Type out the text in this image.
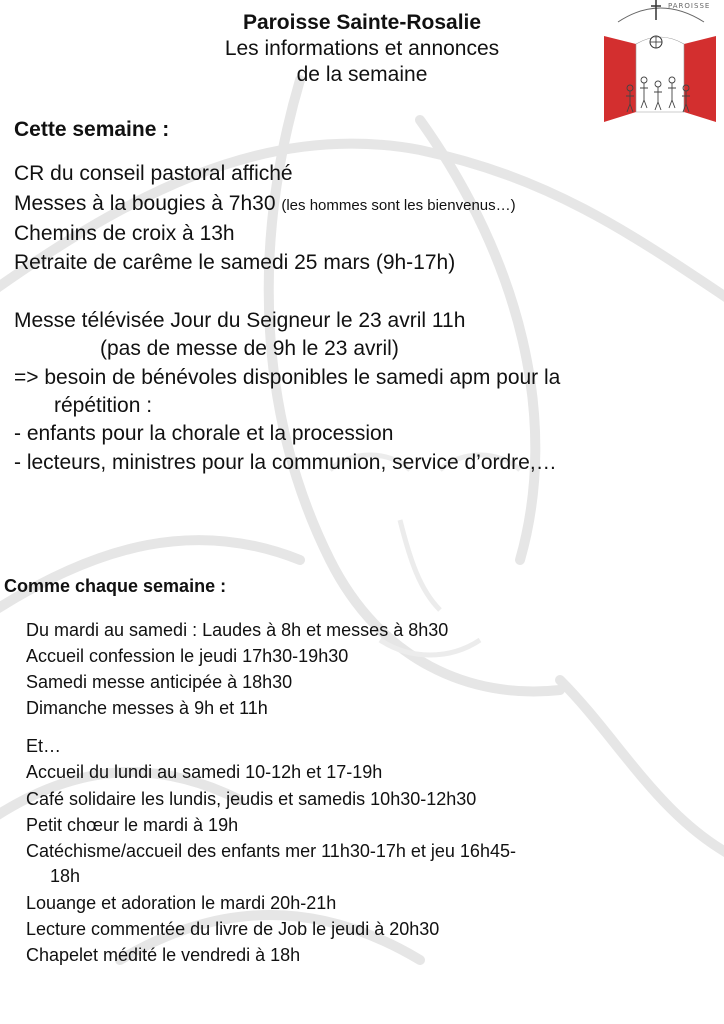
Paroisse Sainte-Rosalie
Les informations et annonces
de la semaine
PAROISSE
Cette semaine :
CR du conseil pastoral affiché
Messes à la bougies à 7h30 (les hommes sont les bienvenus…)
Chemins de croix à 13h
Retraite de carême le samedi 25 mars (9h-17h)
Messe télévisée Jour du Seigneur le 23 avril 11h
(pas de messe de 9h le 23 avril)
=> besoin de bénévoles disponibles le samedi apm pour la
répétition :
- enfants pour la chorale et la procession
- lecteurs, ministres pour la communion, service d’ordre,…
Comme chaque semaine :
Du mardi au samedi : Laudes à 8h et messes à 8h30
Accueil confession le jeudi 17h30-19h30
Samedi messe anticipée à 18h30
Dimanche messes à 9h et 11h
Et…
Accueil du lundi au samedi 10-12h et 17-19h
Café solidaire les lundis, jeudis et samedis 10h30-12h30
Petit chœur le mardi à 19h
Catéchisme/accueil des enfants mer 11h30-17h et jeu 16h45-
18h
Louange et adoration le mardi 20h-21h
Lecture commentée du livre de Job le jeudi à 20h30
Chapelet médité le vendredi à 18h
